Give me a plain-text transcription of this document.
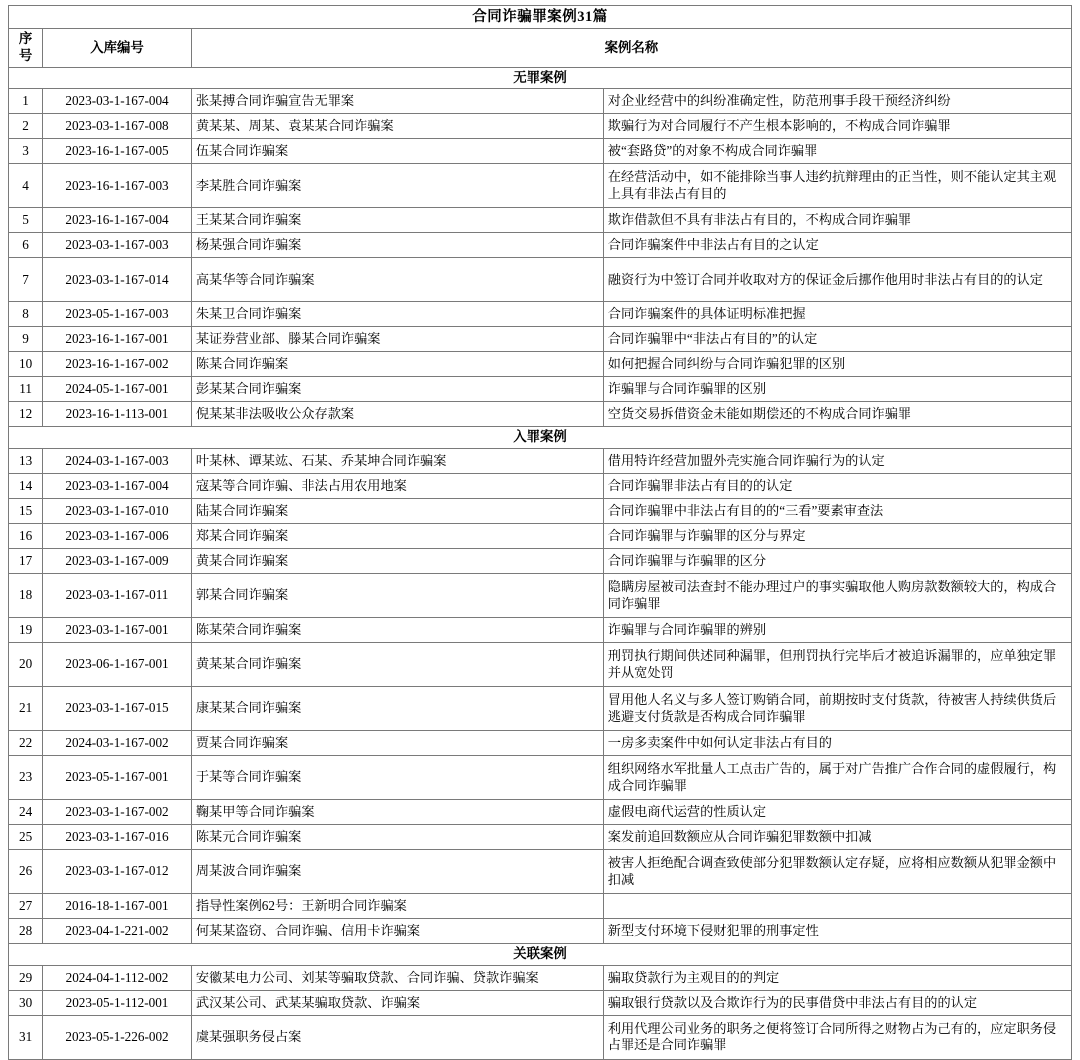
合同诈骗罪案例31篇			
序号	入库编号	案例名称	
无罪案例			
1	2023-03-1-167-004	张某搏合同诈骗宣告无罪案	对企业经营中的纠纷准确定性，防范刑事手段干预经济纠纷
2	2023-03-1-167-008	黄某某、周某、袁某某合同诈骗案	欺骗行为对合同履行不产生根本影响的，不构成合同诈骗罪
3	2023-16-1-167-005	伍某合同诈骗案	被“套路贷”的对象不构成合同诈骗罪
4	2023-16-1-167-003	李某胜合同诈骗案	在经营活动中，如不能排除当事人违约抗辩理由的正当性，则不能认定其主观上具有非法占有目的
5	2023-16-1-167-004	王某某合同诈骗案	欺诈借款但不具有非法占有目的，不构成合同诈骗罪
6	2023-03-1-167-003	杨某强合同诈骗案	合同诈骗案件中非法占有目的之认定
7	2023-03-1-167-014	高某华等合同诈骗案	融资行为中签订合同并收取对方的保证金后挪作他用时非法占有目的的认定
8	2023-05-1-167-003	朱某卫合同诈骗案	合同诈骗案件的具体证明标准把握
9	2023-16-1-167-001	某证券营业部、滕某合同诈骗案	合同诈骗罪中“非法占有目的”的认定
10	2023-16-1-167-002	陈某合同诈骗案	如何把握合同纠纷与合同诈骗犯罪的区别
11	2024-05-1-167-001	彭某某合同诈骗案	诈骗罪与合同诈骗罪的区别
12	2023-16-1-113-001	倪某某非法吸收公众存款案	空货交易拆借资金未能如期偿还的不构成合同诈骗罪
入罪案例			
13	2024-03-1-167-003	叶某林、谭某竑、石某、乔某坤合同诈骗案	借用特许经营加盟外壳实施合同诈骗行为的认定
14	2023-03-1-167-004	寇某等合同诈骗、非法占用农用地案	合同诈骗罪非法占有目的的认定
15	2023-03-1-167-010	陆某合同诈骗案	合同诈骗罪中非法占有目的的“三看”要素审查法
16	2023-03-1-167-006	郑某合同诈骗案	合同诈骗罪与诈骗罪的区分与界定
17	2023-03-1-167-009	黄某合同诈骗案	合同诈骗罪与诈骗罪的区分
18	2023-03-1-167-011	郭某合同诈骗案	隐瞒房屋被司法查封不能办理过户的事实骗取他人购房款数额较大的，构成合同诈骗罪
19	2023-03-1-167-001	陈某荣合同诈骗案	诈骗罪与合同诈骗罪的辨别
20	2023-06-1-167-001	黄某某合同诈骗案	刑罚执行期间供述同种漏罪，但刑罚执行完毕后才被追诉漏罪的，应单独定罪并从宽处罚
21	2023-03-1-167-015	康某某合同诈骗案	冒用他人名义与多人签订购销合同，前期按时支付货款，待被害人持续供货后逃避支付货款是否构成合同诈骗罪
22	2024-03-1-167-002	贾某合同诈骗案	一房多卖案件中如何认定非法占有目的
23	2023-05-1-167-001	于某等合同诈骗案	组织网络水军批量人工点击广告的，属于对广告推广合作合同的虚假履行，构成合同诈骗罪
24	2023-03-1-167-002	鞠某甲等合同诈骗案	虚假电商代运营的性质认定
25	2023-03-1-167-016	陈某元合同诈骗案	案发前追回数额应从合同诈骗犯罪数额中扣减
26	2023-03-1-167-012	周某波合同诈骗案	被害人拒绝配合调查致使部分犯罪数额认定存疑，应将相应数额从犯罪金额中扣减
27	2016-18-1-167-001	指导性案例62号：王新明合同诈骗案	
28	2023-04-1-221-002	何某某盗窃、合同诈骗、信用卡诈骗案	新型支付环境下侵财犯罪的刑事定性
关联案例			
29	2024-04-1-112-002	安徽某电力公司、刘某等骗取贷款、合同诈骗、贷款诈骗案	骗取贷款行为主观目的的判定
30	2023-05-1-112-001	武汉某公司、武某某骗取贷款、诈骗案	骗取银行贷款以及合欺诈行为的民事借贷中非法占有目的的认定
31	2023-05-1-226-002	虞某强职务侵占案	利用代理公司业务的职务之便将签订合同所得之财物占为己有的，应定职务侵占罪还是合同诈骗罪
